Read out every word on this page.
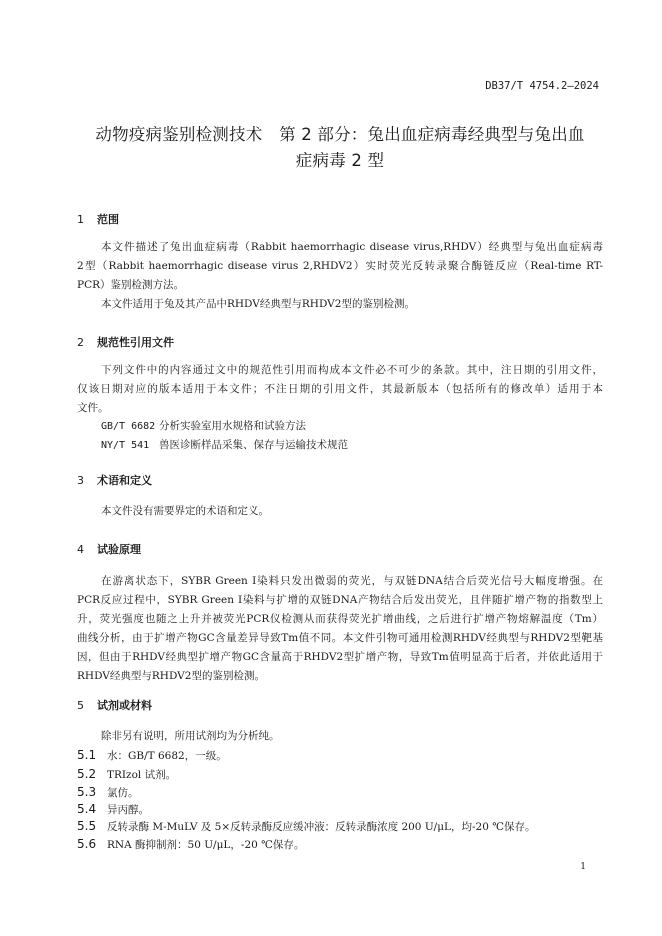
DB37/T 4754.2—2024
动物疫病鉴别检测技术　第 2 部分：兔出血症病毒经典型与兔出血
症病毒 2 型
1 范围
本文件描述了兔出血症病毒（Rabbit haemorrhagic disease virus,RHDV）经典型与兔出血症病毒
2型（Rabbit haemorrhagic disease virus 2,RHDV2）实时荧光反转录聚合酶链反应（Real-time RT-
PCR）鉴别检测方法。
本文件适用于兔及其产品中RHDV经典型与RHDV2型的鉴别检测。
2 规范性引用文件
下列文件中的内容通过文中的规范性引用而构成本文件必不可少的条款。其中，注日期的引用文件，
仅该日期对应的版本适用于本文件；不注日期的引用文件，其最新版本（包括所有的修改单）适用于本
文件。
GB/T 6682 分析实验室用水规格和试验方法
NY/T 541 兽医诊断样品采集、保存与运输技术规范
3 术语和定义
本文件没有需要界定的术语和定义。
4 试验原理
在游离状态下，SYBR Green Ⅰ染料只发出微弱的荧光，与双链DNA结合后荧光信号大幅度增强。在
PCR反应过程中，SYBR Green Ⅰ染料与扩增的双链DNA产物结合后发出荧光，且伴随扩增产物的指数型上
升，荧光强度也随之上升并被荧光PCR仪检测从而获得荧光扩增曲线，之后进行扩增产物熔解温度（Tm）
曲线分析，由于扩增产物GC含量差异导致Tm值不同。本文件引物可通用检测RHDV经典型与RHDV2型靶基
因，但由于RHDV经典型扩增产物GC含量高于RHDV2型扩增产物，导致Tm值明显高于后者，并依此适用于
RHDV经典型与RHDV2型的鉴别检测。
5 试剂或材料
除非另有说明，所用试剂均为分析纯。
5.1 水：GB/T 6682，一级。
5.2 TRIzol 试剂。
5.3 氯仿。
5.4 异丙醇。
5.5 反转录酶 M-MuLV 及 5×反转录酶反应缓冲液：反转录酶浓度 200 U/μL，均-20 ℃保存。
5.6 RNA 酶抑制剂：50 U/μL，-20 ℃保存。
1
